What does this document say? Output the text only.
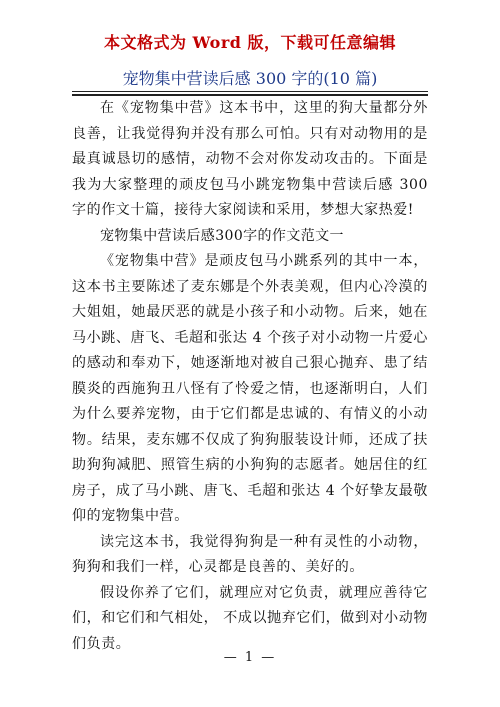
本文格式为 Word 版，下载可任意编辑
宠物集中营读后感 300 字的(10 篇)

在《宠物集中营》这本书中，这里的狗大量都分外良善，让我觉得狗并没有那么可怕。只有对动物用的是最真诚恳切的感情，动物不会对你发动攻击的。下面是我为大家整理的顽皮包马小跳宠物集中营读后感 300 字的作文十篇，接待大家阅读和采用，梦想大家热爱!

宠物集中营读后感300字的作文范文一

《宠物集中营》是顽皮包马小跳系列的其中一本，这本书主要陈述了麦东娜是个外表美观，但内心冷漠的大姐姐，她最厌恶的就是小孩子和小动物。后来，她在马小跳、唐飞、毛超和张达 4 个孩子对小动物一片爱心的感动和奉劝下，她逐渐地对被自己狠心抛弃、患了结膜炎的西施狗丑八怪有了怜爱之情，也逐渐明白，人们为什么要养宠物，由于它们都是忠诚的、有情义的小动物。结果，麦东娜不仅成了狗狗服装设计师，还成了扶助狗狗减肥、照管生病的小狗狗的志愿者。她居住的红房子，成了马小跳、唐飞、毛超和张达 4 个好挚友最敬仰的宠物集中营。

读完这本书，我觉得狗狗是一种有灵性的小动物，狗狗和我们一样，心灵都是良善的、美好的。

假设你养了它们，就理应对它负责，就理应善待它们，和它们和气相处， 不成以抛弃它们，做到对小动物们负责。

— 1 —
